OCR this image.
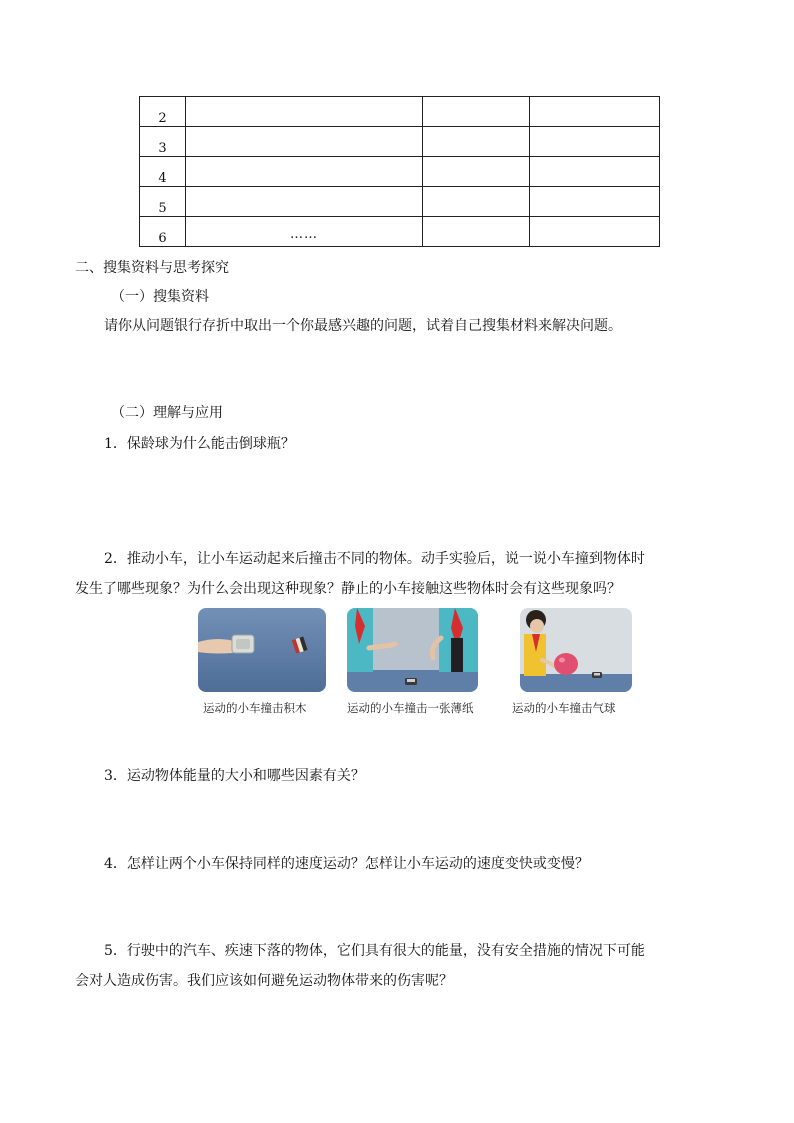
2			
3			
4			
5			
6	……		

二、搜集资料与思考探究
（一）搜集资料
请你从问题银行存折中取出一个你最感兴趣的问题，试着自己搜集材料来解决问题。
（二）理解与应用
1．保龄球为什么能击倒球瓶？
2．推动小车，让小车运动起来后撞击不同的物体。动手实验后，说一说小车撞到物体时
发生了哪些现象？为什么会出现这种现象？静止的小车接触这些物体时会有这些现象吗？
运动的小车撞击积木	运动的小车撞击一张薄纸	运动的小车撞击气球
3．运动物体能量的大小和哪些因素有关？
4．怎样让两个小车保持同样的速度运动？怎样让小车运动的速度变快或变慢？
5．行驶中的汽车、疾速下落的物体，它们具有很大的能量，没有安全措施的情况下可能
会对人造成伤害。我们应该如何避免运动物体带来的伤害呢？
